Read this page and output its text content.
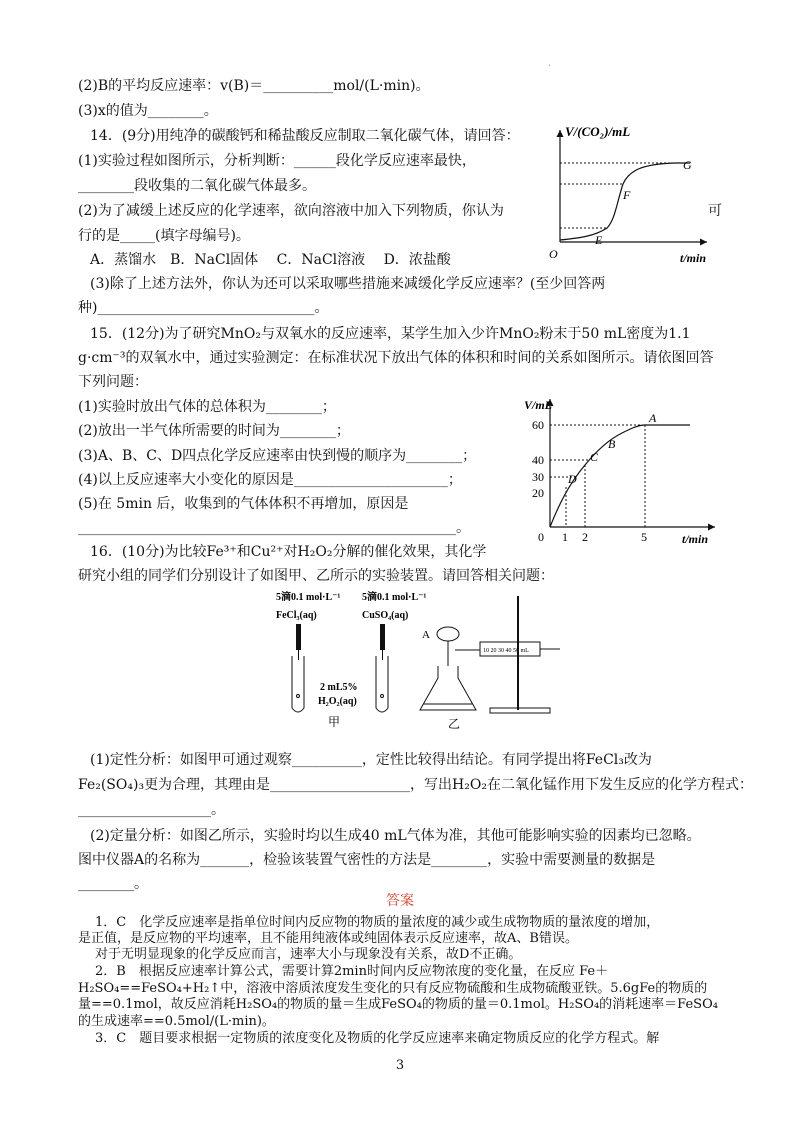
.
(2)B的平均反应速率：v(B)＝__________mol/(L·min)。
(3)x的值为________。
14．(9分)用纯净的碳酸钙和稀盐酸反应制取二氧化碳气体，请回答：
(1)实验过程如图所示，分析判断：______段化学反应速率最快，
________段收集的二氧化碳气体最多。
(2)为了减缓上述反应的化学速率，欲向溶液中加入下列物质，你认为	可
行的是_____(填字母编号)。
A．蒸馏水　B．NaCl固体　 C．NaCl溶液　 D．浓盐酸
(3)除了上述方法外，你认为还可以采取哪些措施来减缓化学反应速率？(至少回答两
种)_______________________________。
15．(12分)为了研究MnO₂与双氧水的反应速率，某学生加入少许MnO₂粉末于50 mL密度为1.1
g·cm⁻³的双氧水中，通过实验测定：在标准状况下放出气体的体积和时间的关系如图所示。请依图回答
下列问题：
(1)实验时放出气体的总体积为________；
(2)放出一半气体所需要的时间为________；
(3)A、B、C、D四点化学反应速率由快到慢的顺序为________；
(4)以上反应速率大小变化的原因是______________________；
(5)在 5min 后，收集到的气体体积不再增加，原因是
______________________________________________________。
16．(10分)为比较Fe³⁺和Cu²⁺对H₂O₂分解的催化效果，其化学
研究小组的同学们分别设计了如图甲、乙所示的实验装置。请回答相关问题：
(1)定性分析：如图甲可通过观察__________，定性比较得出结论。有同学提出将FeCl₃改为
Fe₂(SO₄)₃更为合理，其理由是____________________，写出H₂O₂在二氧化锰作用下发生反应的化学方程式：
___________________。
(2)定量分析：如图乙所示，实验时均以生成40 mL气体为准，其他可能影响实验的因素均已忽略。
图中仪器A的名称为_______，检验该装置气密性的方法是________，实验中需要测量的数据是
________。
V/(CO₂)/mL
t/min
O
E
F
G
V/mL
t/min
0
60
40
30
20
1 2	5
A
B
C
D
5滴0.1 mol·L⁻¹
FeCl₃(aq)
5滴0.1 mol·L⁻¹
CuSO₄(aq)
2 mL5%
H₂O₂(aq)
甲
A
10 20 30 40 50 mL
乙
答案
1．C　化学反应速率是指单位时间内反应物的物质的量浓度的减少或生成物物质的量浓度的增加，
是正值，是反应物的平均速率，且不能用纯液体或纯固体表示反应速率，故A、B错误。
对于无明显现象的化学反应而言，速率大小与现象没有关系，故D不正确。
2．B　根据反应速率计算公式，需要计算2min时间内反应物浓度的变化量，在反应 Fe＋
H₂SO₄==FeSO₄+H₂↑中，溶液中溶质浓度发生变化的只有反应物硫酸和生成物硫酸亚铁。5.6gFe的物质的
量==0.1mol，故反应消耗H₂SO₄的物质的量＝生成FeSO₄的物质的量＝0.1mol。H₂SO₄的消耗速率＝FeSO₄
的生成速率==0.5mol/(L·min)。
3．C　题目要求根据一定物质的浓度变化及物质的化学反应速率来确定物质反应的化学方程式。解
3
